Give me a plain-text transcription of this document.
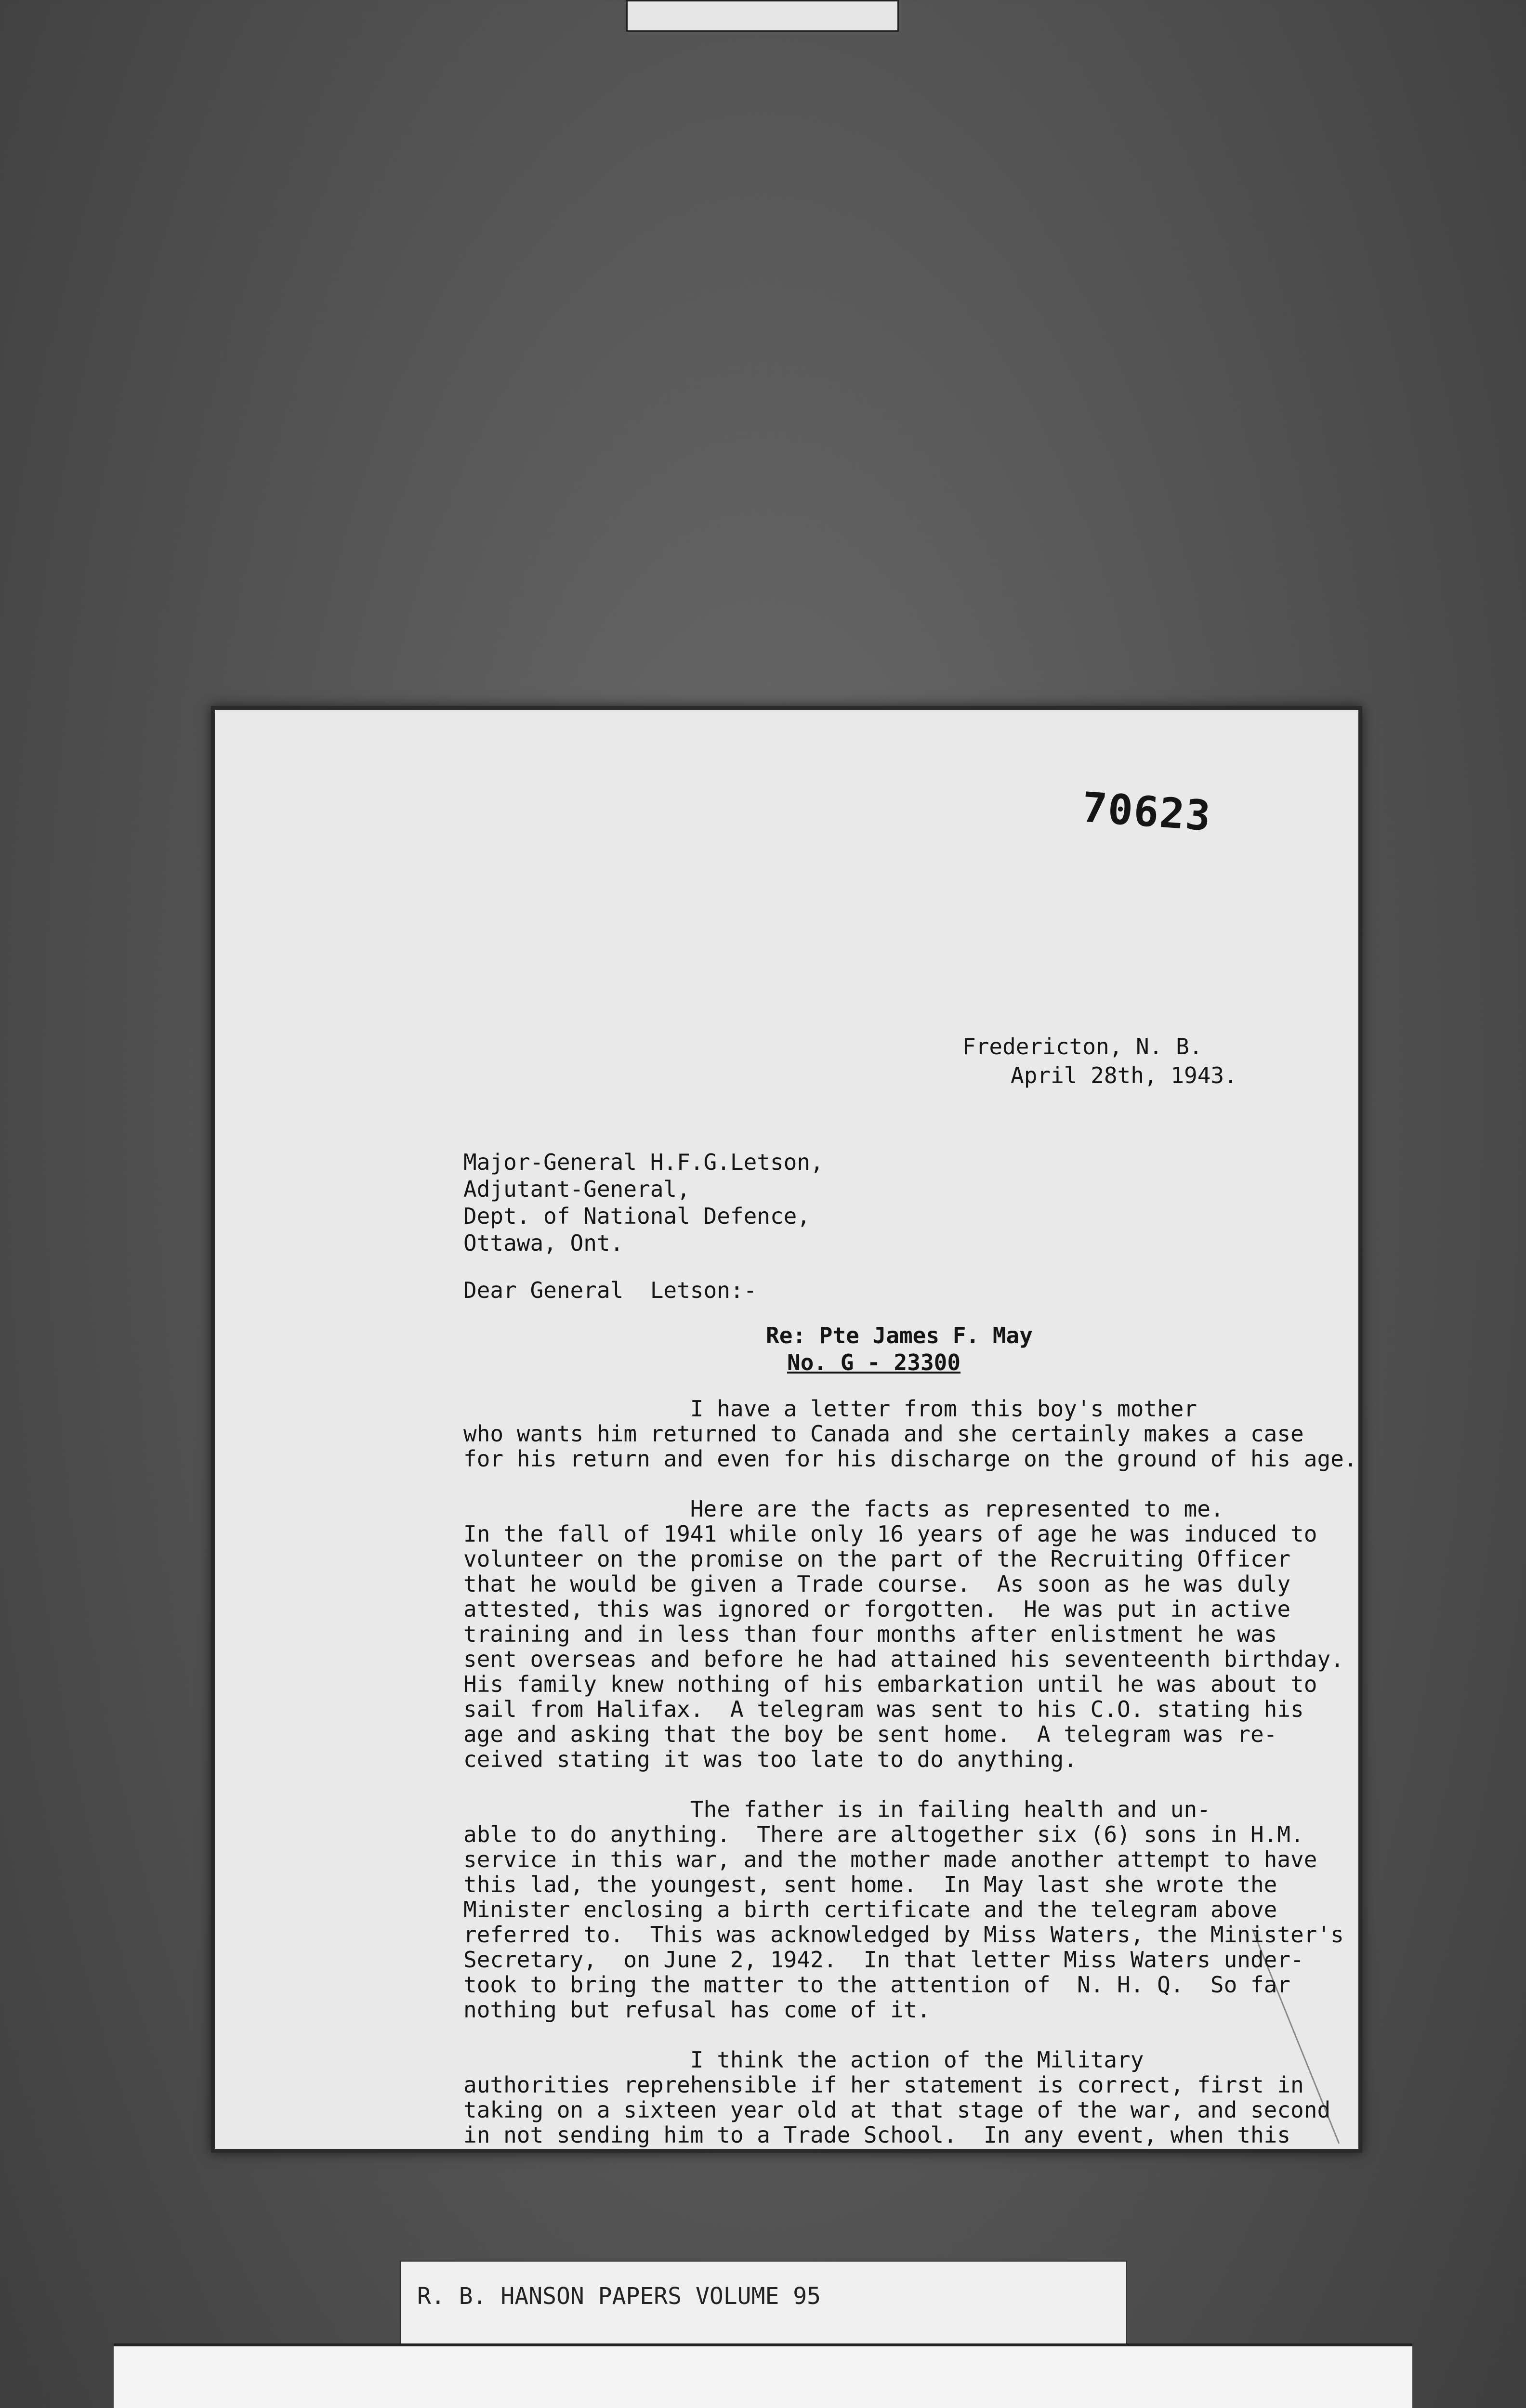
70623
Fredericton, N. B.
April 28th, 1943.
Major-General H.F.G.Letson,
Adjutant-General,
Dept. of National Defence,
Ottawa, Ont.
Dear General  Letson:-
Re: Pte James F. May
No. G - 23300
I have a letter from this boy's mother
who wants him returned to Canada and she certainly makes a case
for his return and even for his discharge on the ground of his age.
Here are the facts as represented to me.
In the fall of 1941 while only 16 years of age he was induced to
volunteer on the promise on the part of the Recruiting Officer
that he would be given a Trade course.  As soon as he was duly
attested, this was ignored or forgotten.  He was put in active
training and in less than four months after enlistment he was
sent overseas and before he had attained his seventeenth birthday.
His family knew nothing of his embarkation until he was about to
sail from Halifax.  A telegram was sent to his C.O. stating his
age and asking that the boy be sent home.  A telegram was re-
ceived stating it was too late to do anything.
The father is in failing health and un-
able to do anything.  There are altogether six (6) sons in H.M.
service in this war, and the mother made another attempt to have
this lad, the youngest, sent home.  In May last she wrote the
Minister enclosing a birth certificate and the telegram above
referred to.  This was acknowledged by Miss Waters, the Minister's
Secretary,  on June 2, 1942.  In that letter Miss Waters under-
took to bring the matter to the attention of  N. H. Q.  So far
nothing but refusal has come of it.
I think the action of the Military
authorities reprehensible if her statement is correct, first in
taking on a sixteen year old at that stage of the war, and second
in not sending him to a Trade School.  In any event, when this
R. B. HANSON PAPERS VOLUME 95
